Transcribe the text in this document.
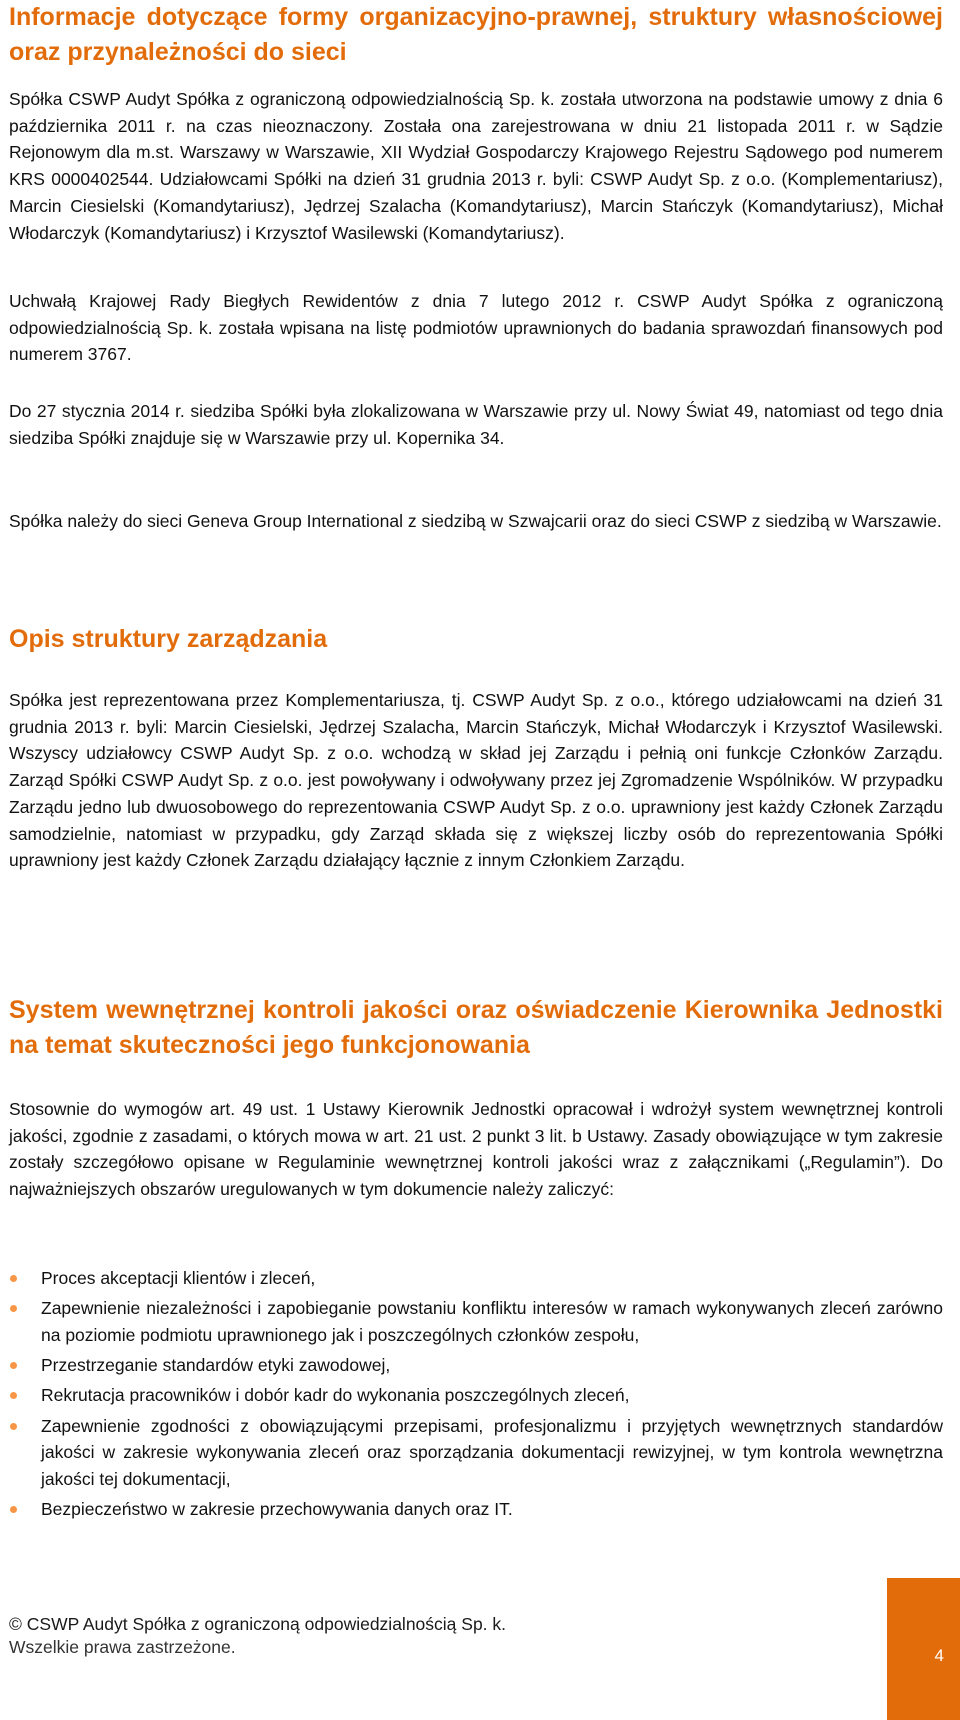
Informacje dotyczące formy organizacyjno-prawnej, struktury własnościowej oraz przynależności do sieci

Spółka CSWP Audyt Spółka z ograniczoną odpowiedzialnością Sp. k. została utworzona na podstawie umowy z dnia 6 października 2011 r. na czas nieoznaczony. Została ona zarejestrowana w dniu 21 listopada 2011 r. w Sądzie Rejonowym dla m.st. Warszawy w Warszawie, XII Wydział Gospodarczy Krajowego Rejestru Sądowego pod numerem KRS 0000402544. Udziałowcami Spółki na dzień 31 grudnia 2013 r. byli: CSWP Audyt Sp. z o.o. (Komplementariusz), Marcin Ciesielski (Komandytariusz), Jędrzej Szalacha (Komandytariusz), Marcin Stańczyk (Komandytariusz), Michał Włodarczyk (Komandytariusz) i Krzysztof Wasilewski (Komandytariusz).

Uchwałą Krajowej Rady Biegłych Rewidentów z dnia 7 lutego 2012 r. CSWP Audyt Spółka z ograniczoną odpowiedzialnością Sp. k. została wpisana na listę podmiotów uprawnionych do badania sprawozdań finansowych pod numerem 3767.

Do 27 stycznia 2014 r. siedziba Spółki była zlokalizowana w Warszawie przy ul. Nowy Świat 49, natomiast od tego dnia siedziba Spółki znajduje się w Warszawie przy ul. Kopernika 34.

Spółka należy do sieci Geneva Group International z siedzibą w Szwajcarii oraz do sieci CSWP z siedzibą w Warszawie.

Opis struktury zarządzania

Spółka jest reprezentowana przez Komplementariusza, tj. CSWP Audyt Sp. z o.o., którego udziałowcami na dzień 31 grudnia 2013 r. byli: Marcin Ciesielski, Jędrzej Szalacha, Marcin Stańczyk, Michał Włodarczyk i Krzysztof Wasilewski. Wszyscy udziałowcy CSWP Audyt Sp. z o.o. wchodzą w skład jej Zarządu i pełnią oni funkcje Członków Zarządu. Zarząd Spółki CSWP Audyt Sp. z o.o. jest powoływany i odwoływany przez jej Zgromadzenie Wspólników. W przypadku Zarządu jedno lub dwuosobowego do reprezentowania CSWP Audyt Sp. z o.o. uprawniony jest każdy Członek Zarządu samodzielnie, natomiast w przypadku, gdy Zarząd składa się z większej liczby osób do reprezentowania Spółki uprawniony jest każdy Członek Zarządu działający łącznie z innym Członkiem Zarządu.

System wewnętrznej kontroli jakości oraz oświadczenie Kierownika Jednostki na temat skuteczności jego funkcjonowania

Stosownie do wymogów art. 49 ust. 1 Ustawy Kierownik Jednostki opracował i wdrożył system wewnętrznej kontroli jakości, zgodnie z zasadami, o których mowa w art. 21 ust. 2 punkt 3 lit. b Ustawy. Zasady obowiązujące w tym zakresie zostały szczegółowo opisane w Regulaminie wewnętrznej kontroli jakości wraz z załącznikami („Regulamin”). Do najważniejszych obszarów uregulowanych w tym dokumencie należy zaliczyć:

Proces akceptacji klientów i zleceń,
Zapewnienie niezależności i zapobieganie powstaniu konfliktu interesów w ramach wykonywanych zleceń zarówno na poziomie podmiotu uprawnionego jak i poszczególnych członków zespołu,
Przestrzeganie standardów etyki zawodowej,
Rekrutacja pracowników i dobór kadr do wykonania poszczególnych zleceń,
Zapewnienie zgodności z obowiązującymi przepisami, profesjonalizmu i przyjętych wewnętrznych standardów jakości w zakresie wykonywania zleceń oraz sporządzania dokumentacji rewizyjnej, w tym kontrola wewnętrzna jakości tej dokumentacji,
Bezpieczeństwo w zakresie przechowywania danych oraz IT.
© CSWP Audyt Spółka z ograniczoną odpowiedzialnością Sp. k.
Wszelkie prawa zastrzeżone.	4
